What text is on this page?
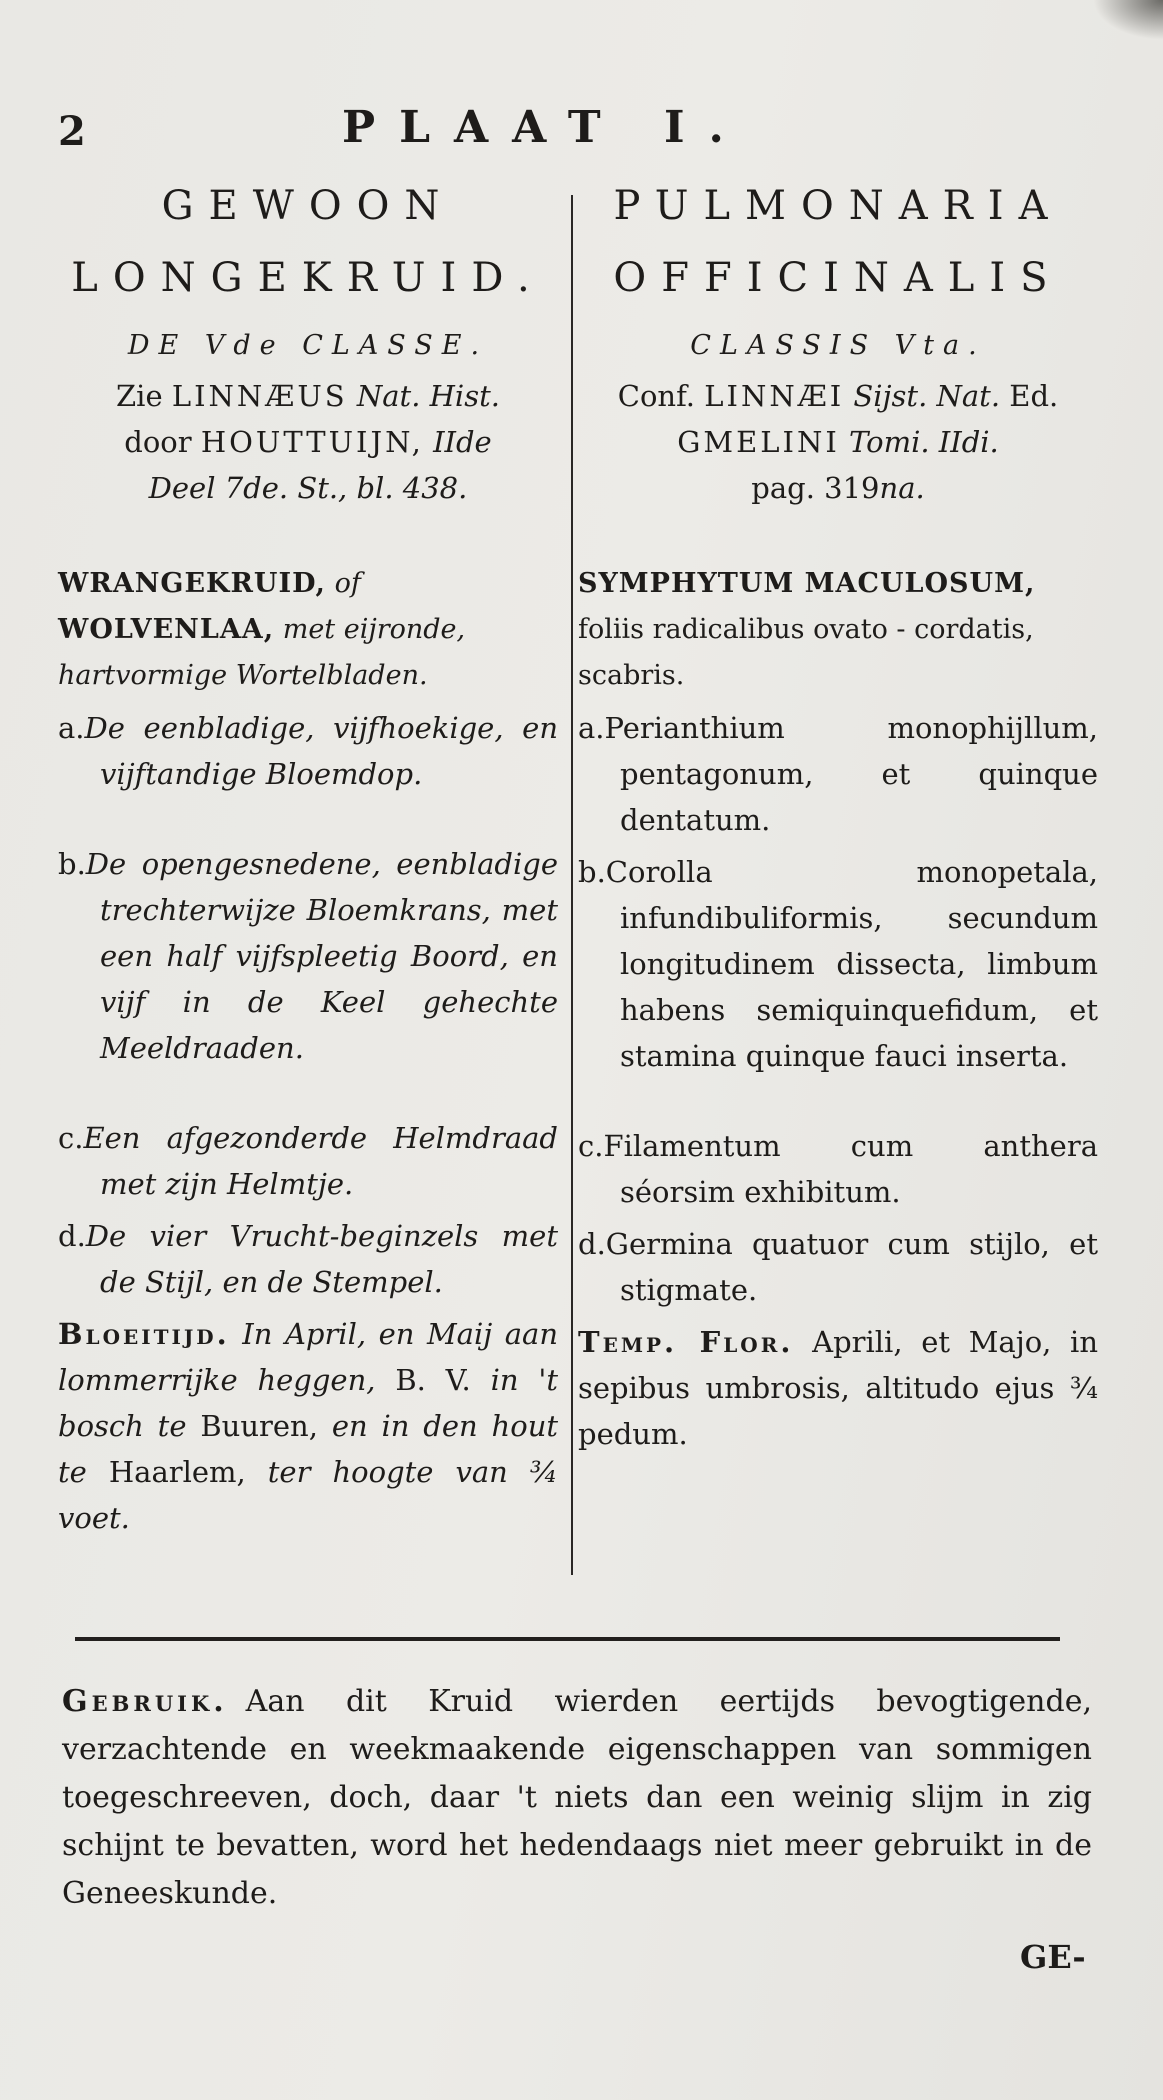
2	PLAAT I.

GEWOON

LONGEKRUID.

DE Vde CLASSE.

Zie LINNÆUS Nat. Hist.
door HOUTTUIJN, IIde
Deel 7de. St., bl. 438.

WRANGEKRUID, of WOLVENLAA, met eijronde, hartvormige Wortelbladen.

a.De eenbladige, vijfhoekige, en vijftandige Bloemdop.

b.De opengesnedene, eenbladige trechterwijze Bloemkrans, met een half vijfspleetig Boord, en vijf in de Keel gehechte Meeldraaden.

c.Een afgezonderde Helmdraad met zijn Helmtje.

d.De vier Vrucht-beginzels met de Stijl, en de Stempel.

Bloeitijd. In April, en Maij aan lommerrijke heggen, B. V. in 't bosch te Buuren, en in den hout te Haarlem, ter hoogte van ¾ voet.

PULMONARIA

OFFICINALIS

CLASSIS Vta.

Conf. LINNÆI Sijst. Nat. Ed.
GMELINI Tomi. IIdi.
pag. 319na.

SYMPHYTUM MACULOSUM, foliis radicalibus ovato - cordatis, scabris.

a.Perianthium monophijllum, pentagonum, et quinque dentatum.

b.Corolla monopetala, infundibuliformis, secundum longitudinem dissecta, limbum habens semiquinquefidum, et stamina quinque fauci inserta.

c.Filamentum cum anthera séorsim exhibitum.

d.Germina quatuor cum stijlo, et stigmate.

Temp. Flor. Aprili, et Majo, in sepibus umbrosis, altitudo ejus ¾ pedum.

Gebruik. Aan dit Kruid wierden eertijds bevogtigende, verzachtende en weekmaakende eigenschappen van sommigen toegeschreeven, doch, daar 't niets dan een weinig slijm in zig schijnt te bevatten, word het hedendaags niet meer gebruikt in de Geneeskunde.

GE-
